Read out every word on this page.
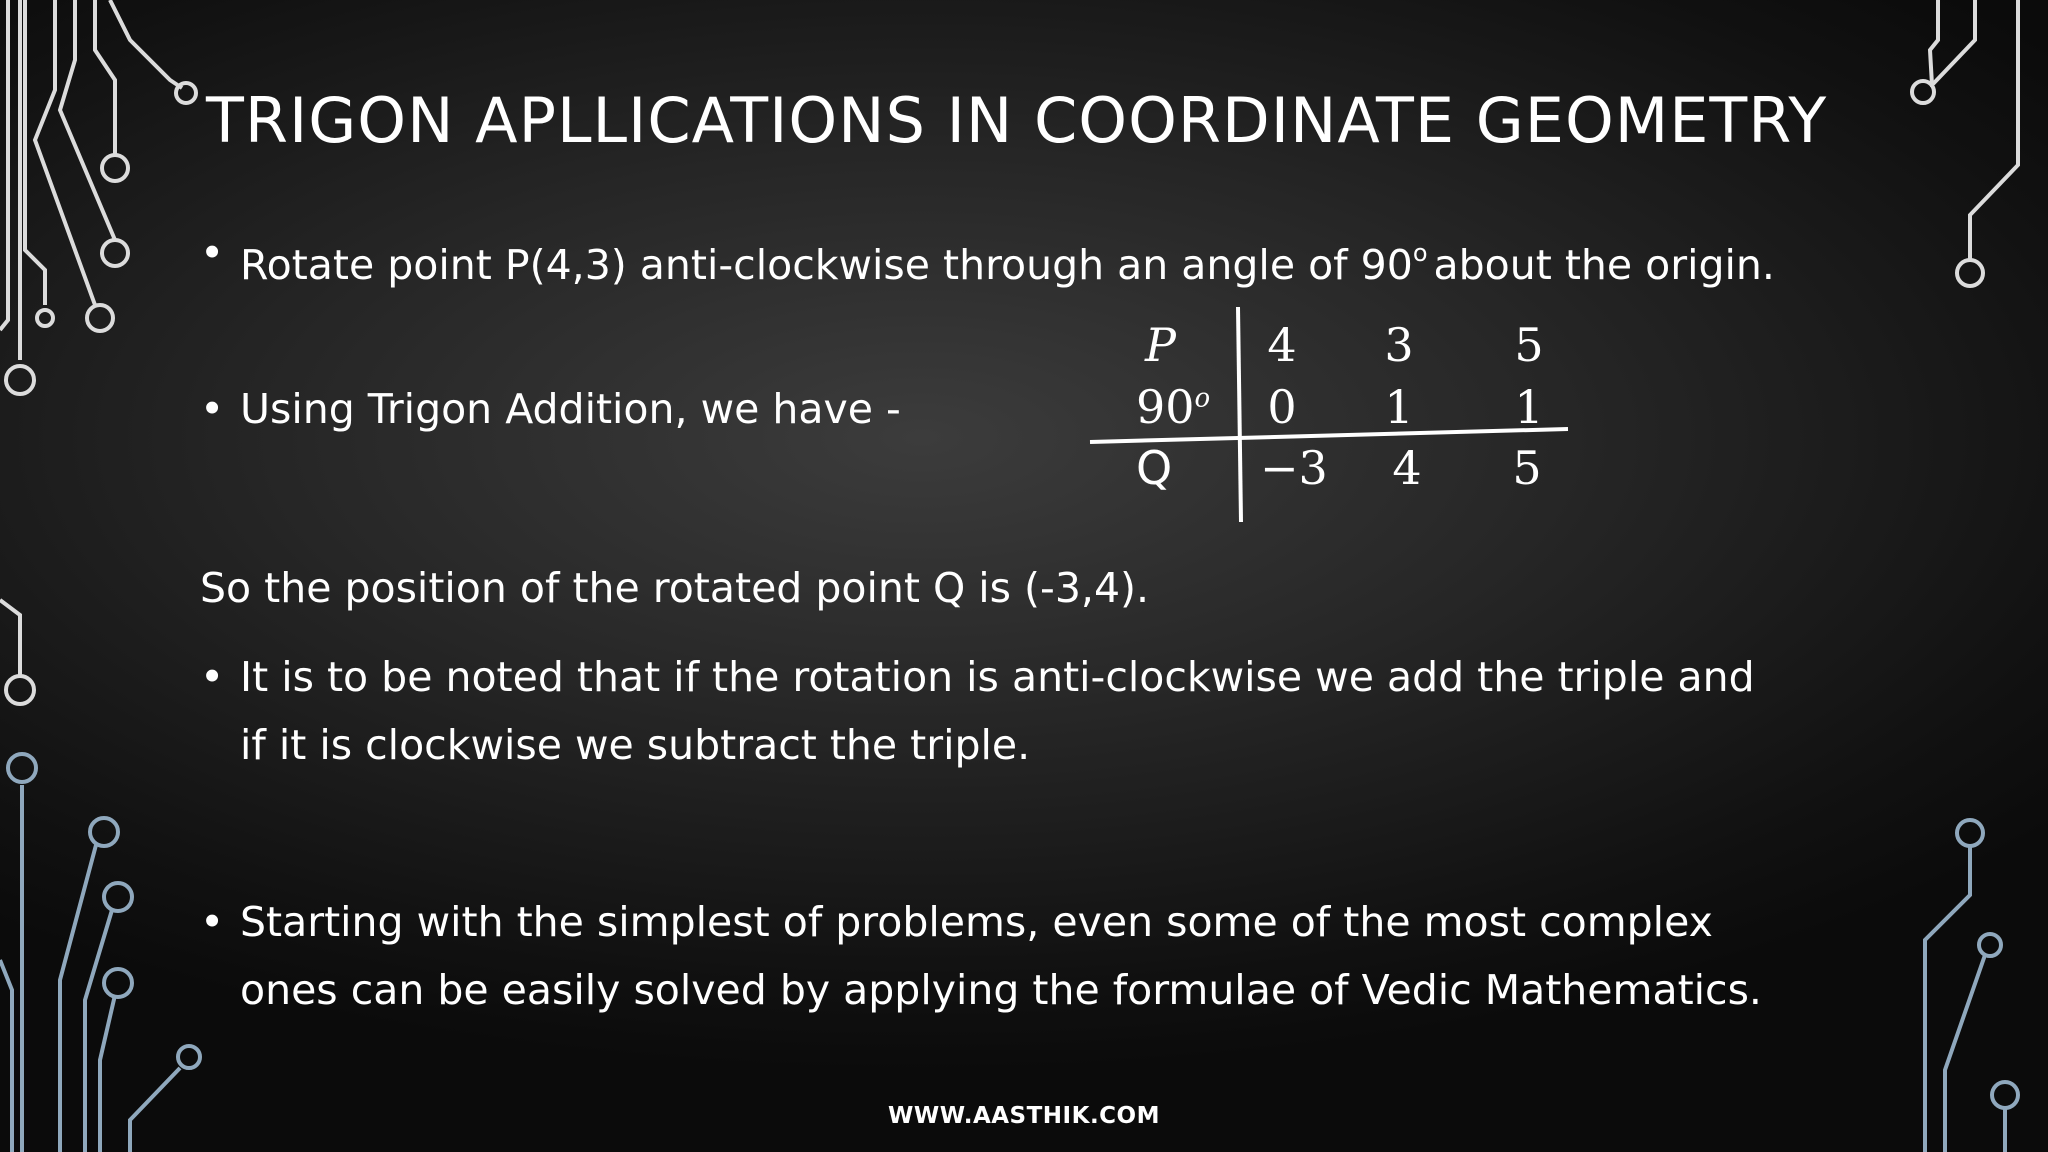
TRIGON APLLICATIONS IN COORDINATE GEOMETRY
• Rotate point P(4,3) anti-clockwise through an angle of 90$^o$ about the origin.
• Using Trigon Addition, we have -
P	4	3	5
90$^o$	0	1	1
Q −3	4	5
So the position of the rotated point Q is (-3,4).
• It is to be noted that if the rotation is anti-clockwise we add the triple and
if it is clockwise we subtract the triple.
• Starting with the simplest of problems, even some of the most complex
ones can be easily solved by applying the formulae of Vedic Mathematics.
WWW.AASTHIK.COM
